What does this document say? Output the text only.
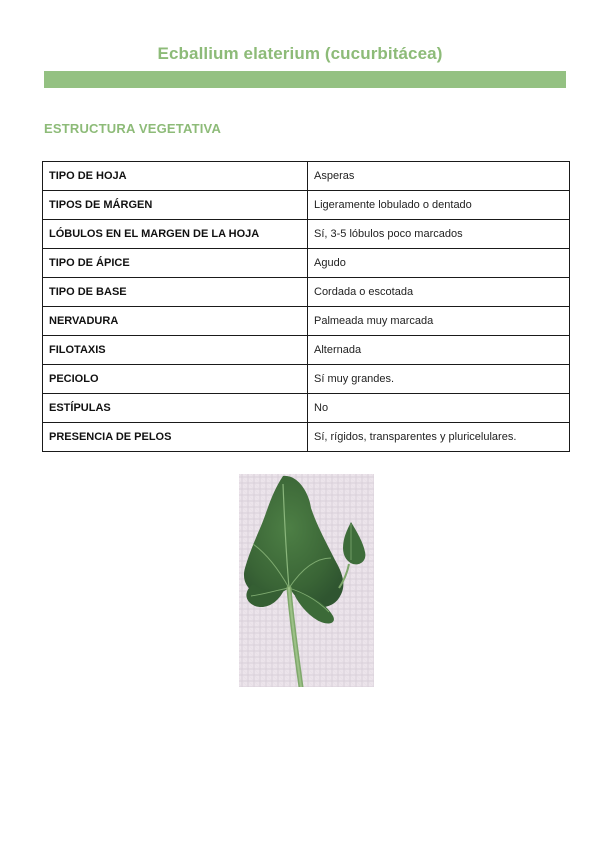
Ecballium elaterium (cucurbitácea)
ESTRUCTURA VEGETATIVA
TIPO DE HOJA	Asperas
TIPOS DE MÁRGEN	Ligeramente lobulado o dentado
LÓBULOS EN EL MARGEN DE LA HOJA	Sí, 3-5 lóbulos poco marcados
TIPO DE ÁPICE	Agudo
TIPO DE BASE	Cordada o escotada
NERVADURA	Palmeada muy marcada
FILOTAXIS	Alternada
PECIOLO	Sí muy grandes.
ESTÍPULAS	No
PRESENCIA DE PELOS	Sí, rígidos, transparentes y pluricelulares.
